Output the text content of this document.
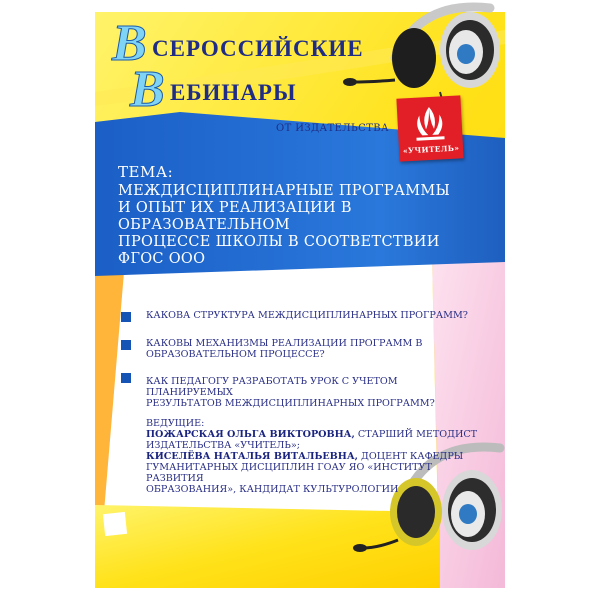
В СЕРОССИЙСКИЕ
В ЕБИНАРЫ
ОТ ИЗДАТЕЛЬСТВА
«УЧИТЕЛЬ»
ТЕМА:
МЕЖДИСЦИПЛИНАРНЫЕ ПРОГРАММЫ
И ОПЫТ ИХ РЕАЛИЗАЦИИ В ОБРАЗОВАТЕЛЬНОМ
ПРОЦЕССЕ ШКОЛЫ В СООТВЕТСТВИИ
ФГОС ООО
КАКОВА СТРУКТУРА МЕЖДИСЦИПЛИНАРНЫХ ПРОГРАММ?
КАКОВЫ МЕХАНИЗМЫ РЕАЛИЗАЦИИ ПРОГРАММ В
ОБРАЗОВАТЕЛЬНОМ ПРОЦЕССЕ?
КАК ПЕДАГОГУ РАЗРАБОТАТЬ УРОК С УЧЕТОМ ПЛАНИРУЕМЫХ
РЕЗУЛЬТАТОВ МЕЖДИСЦИПЛИНАРНЫХ ПРОГРАММ?
ВЕДУЩИЕ:
ПОЖАРСКАЯ ОЛЬГА ВИКТОРОВНА, СТАРШИЙ МЕТОДИСТ
ИЗДАТЕЛЬСТВА «УЧИТЕЛЬ»;
КИСЕЛЁВА НАТАЛЬЯ ВИТАЛЬЕВНА, ДОЦЕНТ КАФЕДРЫ
ГУМАНИТАРНЫХ ДИСЦИПЛИН ГОАУ ЯО «ИНСТИТУТ РАЗВИТИЯ
ОБРАЗОВАНИЯ», КАНДИДАТ КУЛЬТУРОЛОГИИ
